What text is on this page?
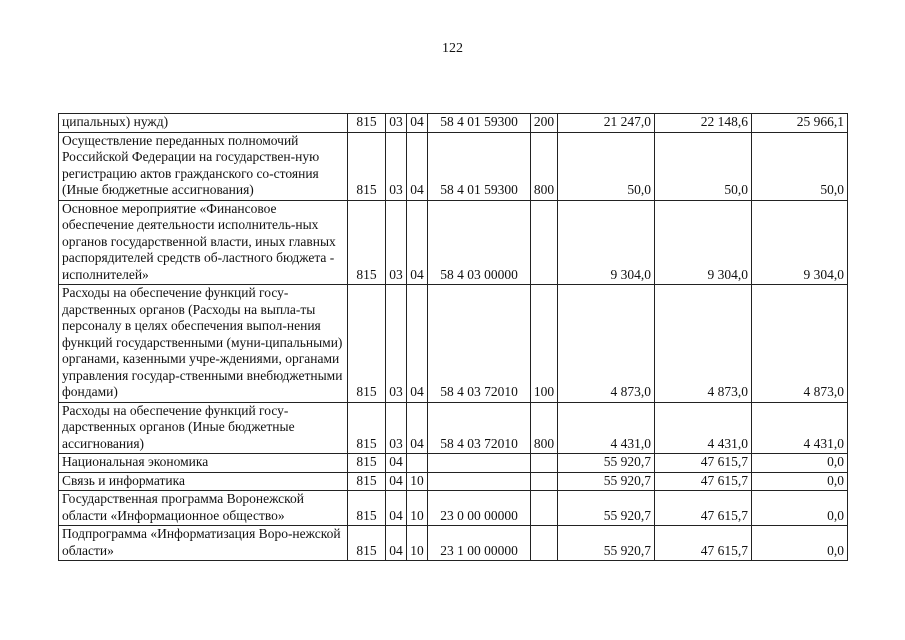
122
ципальных) нужд)	815	03	04	58 4 01 59300	200	21 247,0	22 148,6	25 966,1
Осуществление переданных полномочий Российской Федерации на государствен-ную регистрацию актов гражданского со-стояния (Иные бюджетные ассигнования)	815	03	04	58 4 01 59300	800	50,0	50,0	50,0
Основное мероприятие «Финансовое обеспечение деятельности исполнитель-ных органов государственной власти, иных главных распорядителей средств об-ластного бюджета - исполнителей»	815	03	04	58 4 03 00000		9 304,0	9 304,0	9 304,0
Расходы на обеспечение функций госу-дарственных органов (Расходы на выпла-ты персоналу в целях обеспечения выпол-нения функций государственными (муни-ципальными) органами, казенными учре-ждениями, органами управления государ-ственными внебюджетными фондами)	815	03	04	58 4 03 72010	100	4 873,0	4 873,0	4 873,0
Расходы на обеспечение функций госу-дарственных органов (Иные бюджетные ассигнования)	815	03	04	58 4 03 72010	800	4 431,0	4 431,0	4 431,0
Национальная экономика	815	04				55 920,7	47 615,7	0,0
Связь и информатика	815	04	10			55 920,7	47 615,7	0,0
Государственная программа Воронежской области «Информационное общество»	815	04	10	23 0 00 00000		55 920,7	47 615,7	0,0
Подпрограмма «Информатизация Воро-нежской области»	815	04	10	23 1 00 00000		55 920,7	47 615,7	0,0
